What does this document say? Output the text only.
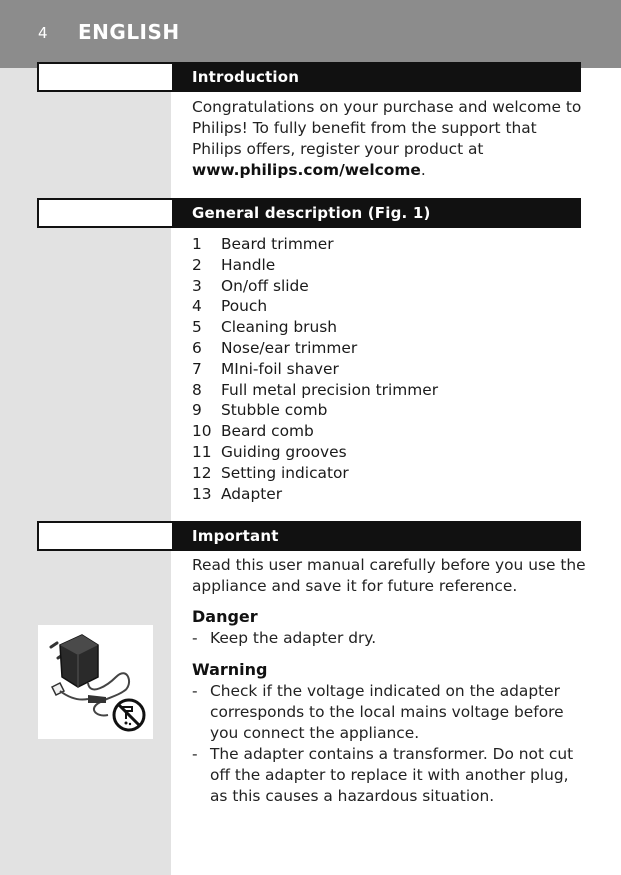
4 ENGLISH
Introduction
Congratulations on your purchase and welcome to Philips! To fully benefit from the support that Philips offers, register your product at www.philips.com/welcome.
General description (Fig. 1)
1	Beard trimmer
2	Handle
3	On/off slide
4	Pouch
5	Cleaning brush
6	Nose/ear trimmer
7	MIni-foil shaver
8	Full metal precision trimmer
9	Stubble comb
10 Beard comb
11 Guiding grooves
12 Setting indicator
13 Adapter
Important
Read this user manual carefully before you use the appliance and save it for future reference.
Danger
- Keep the adapter dry.
Warning
- Check if the voltage indicated on the adapter corresponds to the local mains voltage before you connect the appliance.
- The adapter contains a transformer. Do not cut off the adapter to replace it with another plug, as this causes a hazardous situation.
